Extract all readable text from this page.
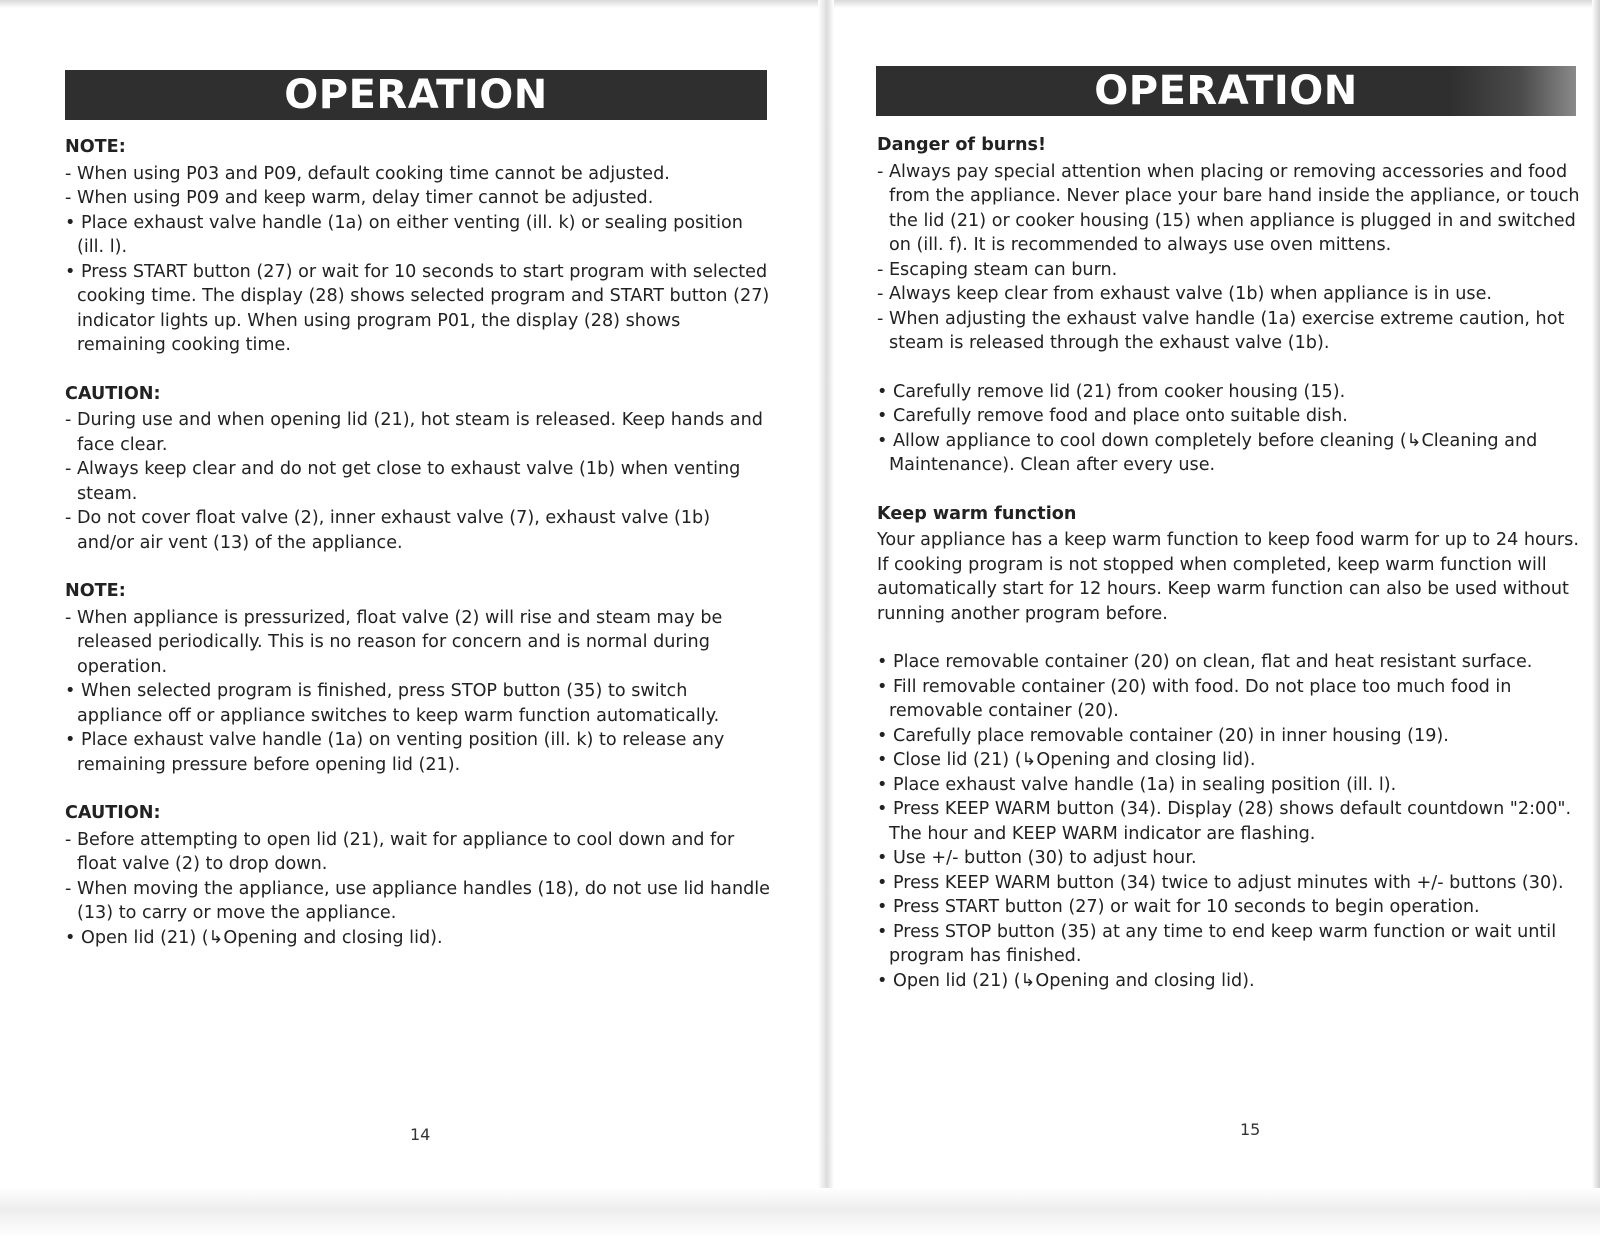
OPERATION

NOTE:

- When using P03 and P09, default cooking time cannot be adjusted.

- When using P09 and keep warm, delay timer cannot be adjusted.

• Place exhaust valve handle (1a) on either venting (ill. k) or sealing position (ill. l).

• Press START button (27) or wait for 10 seconds to start program with selected cooking time. The display (28) shows selected program and START button (27) indicator lights up. When using program P01, the display (28) shows remaining cooking time.

CAUTION:

- During use and when opening lid (21), hot steam is released. Keep hands and face clear.

- Always keep clear and do not get close to exhaust valve (1b) when venting steam.

- Do not cover float valve (2), inner exhaust valve (7), exhaust valve (1b) and/or air vent (13) of the appliance.

NOTE:

- When appliance is pressurized, float valve (2) will rise and steam may be released periodically. This is no reason for concern and is normal during operation.

• When selected program is finished, press STOP button (35) to switch appliance off or appliance switches to keep warm function automatically.

• Place exhaust valve handle (1a) on venting position (ill. k) to release any remaining pressure before opening lid (21).

CAUTION:

- Before attempting to open lid (21), wait for appliance to cool down and for float valve (2) to drop down.

- When moving the appliance, use appliance handles (18), do not use lid handle (13) to carry or move the appliance.

• Open lid (21) (↳Opening and closing lid).

14
OPERATION

Danger of burns!

- Always pay special attention when placing or removing accessories and food from the appliance. Never place your bare hand inside the appliance, or touch the lid (21) or cooker housing (15) when appliance is plugged in and switched on (ill. f). It is recommended to always use oven mittens.

- Escaping steam can burn.

- Always keep clear from exhaust valve (1b) when appliance is in use.

- When adjusting the exhaust valve handle (1a) exercise extreme caution, hot steam is released through the exhaust valve (1b).

• Carefully remove lid (21) from cooker housing (15).

• Carefully remove food and place onto suitable dish.

• Allow appliance to cool down completely before cleaning (↳Cleaning and Maintenance). Clean after every use.

Keep warm function

Your appliance has a keep warm function to keep food warm for up to 24 hours. If cooking program is not stopped when completed, keep warm function will automatically start for 12 hours. Keep warm function can also be used without running another program before.

• Place removable container (20) on clean, flat and heat resistant surface.

• Fill removable container (20) with food. Do not place too much food in removable container (20).

• Carefully place removable container (20) in inner housing (19).

• Close lid (21) (↳Opening and closing lid).

• Place exhaust valve handle (1a) in sealing position (ill. l).

• Press KEEP WARM button (34). Display (28) shows default countdown "2:00". The hour and KEEP WARM indicator are flashing.

• Use +/- button (30) to adjust hour.

• Press KEEP WARM button (34) twice to adjust minutes with +/- buttons (30).

• Press START button (27) or wait for 10 seconds to begin operation.

• Press STOP button (35) at any time to end keep warm function or wait until program has finished.

• Open lid (21) (↳Opening and closing lid).

15
